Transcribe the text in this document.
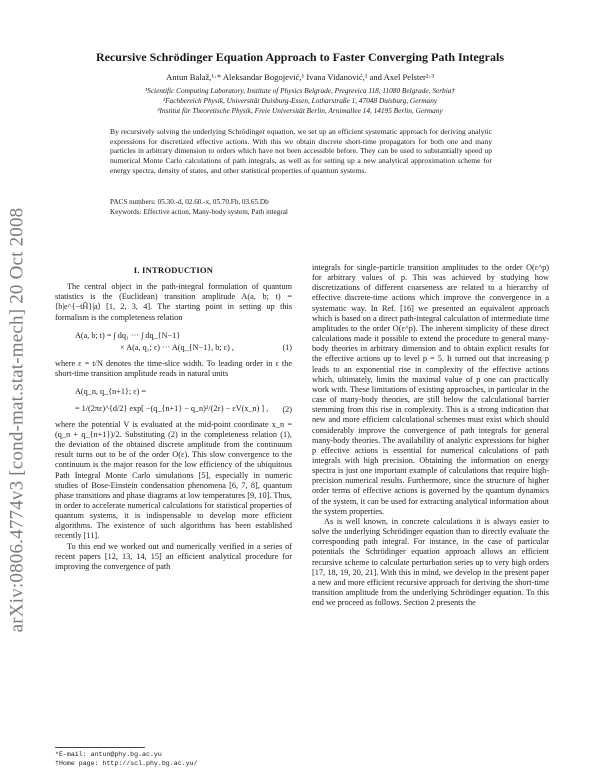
arXiv:0806.4774v3 [cond-mat.stat-mech] 20 Oct 2008
Recursive Schrödinger Equation Approach to Faster Converging Path Integrals
Antun Balaž,¹·* Aleksandar Bogojević,¹ Ivana Vidanović,¹ and Axel Pelster²·³
¹Scientific Computing Laboratory, Institute of Physics Belgrade, Pregrevica 118, 11080 Belgrade, Serbia†
²Fachbereich Physik, Universität Duisburg-Essen, Lotharstraße 1, 47048 Duisburg, Germany
³Institut für Theoretische Physik, Freie Universität Berlin, Arnimallee 14, 14195 Berlin, Germany
By recursively solving the underlying Schrödinger equation, we set up an efficient systematic approach for deriving analytic expressions for discretized effective actions. With this we obtain discrete short-time propagators for both one and many particles in arbitrary dimension to orders which have not been accessible before. They can be used to substantially speed up numerical Monte Carlo calculations of path integrals, as well as for setting up a new analytical approximation scheme for energy spectra, density of states, and other statistical properties of quantum systems.
PACS numbers: 05.30.-d, 02.60.-x, 05.70.Fh, 03.65.Db
Keywords: Effective action, Many-body system, Path integral
I. INTRODUCTION

The central object in the path-integral formulation of quantum statistics is the (Euclidean) transition amplitude A(a, b; t) = ⟨b|e^{−tĤ}|a⟩ [1, 2, 3, 4]. The starting point in setting up this formalism is the completeness relation

A(a, b; t) = ∫ dq₁ ··· ∫ dq_{N−1}
× A(a, q₁; ε) ··· A(q_{N−1}, b; ε) ,	(1)

where ε = t/N denotes the time-slice width. To leading order in ε the short-time transition amplitude reads in natural units

A(q_n, q_{n+1}; ε) =
= 1/(2πε)^{d/2} exp[ −(q_{n+1} − q_n)²/(2ε) − εV(x_n) ] , (2)

where the potential V is evaluated at the mid-point coordinate x_n = (q_n + q_{n+1})/2. Substituting (2) in the completeness relation (1), the deviation of the obtained discrete amplitude from the continuum result turns out to be of the order O(ε). This slow convergence to the continuum is the major reason for the low efficiency of the ubiquitous Path Integral Monte Carlo simulations [5], especially in numeric studies of Bose-Einstein condensation phenomena [6, 7, 8], quantum phase transitions and phase diagrams at low temperatures [9, 10]. Thus, in order to accelerate numerical calculations for statistical properties of quantum systems, it is indispensable to develop more efficient algorithms. The existence of such algorithms has been established recently [11].

To this end we worked out and numerically verified in a series of recent papers [12, 13, 14, 15] an efficient analytical procedure for improving the convergence of path

integrals for single-particle transition amplitudes to the order O(ε^p) for arbitrary values of p. This was achieved by studying how discretizations of different coarseness are related to a hierarchy of effective discrete-time actions which improve the convergence in a systematic way. In Ref. [16] we presented an equivalent approach which is based on a direct path-integral calculation of intermediate time amplitudes to the order O(ε^p). The inherent simplicity of these direct calculations made it possible to extend the procedure to general many-body theories in arbitrary dimension and to obtain explicit results for the effective actions up to level p = 5. It turned out that increasing p leads to an exponential rise in complexity of the effective actions which, ultimately, limits the maximal value of p one can practically work with. These limitations of existing approaches, in particular in the case of many-body theories, are still below the calculational barrier stemming from this rise in complexity. This is a strong indication that new and more efficient calculational schemes must exist which should considerably improve the convergence of path integrals for general many-body theories. The availability of analytic expressions for higher p effective actions is essential for numerical calculations of path integrals with high precision. Obtaining the information on energy spectra is just one important example of calculations that require high-precision numerical results. Furthermore, since the structure of higher order terms of effective actions is governed by the quantum dynamics of the system, it can be used for extracting analytical information about the system properties.

As is well known, in concrete calculations it is always easier to solve the underlying Schrödinger equation than to directly evaluate the corresponding path integral. For instance, in the case of particular potentials the Schrödinger equation approach allows an efficient recursive scheme to calculate perturbation series up to very high orders [17, 18, 19, 20, 21]. With this in mind, we develop in the present paper a new and more efficient recursive approach for deriving the short-time transition amplitude from the underlying Schrödinger equation. To this end we proceed as follows. Section 2 presents the

*E-mail: antun@phy.bg.ac.yu
†Home page: http://scl.phy.bg.ac.yu/
